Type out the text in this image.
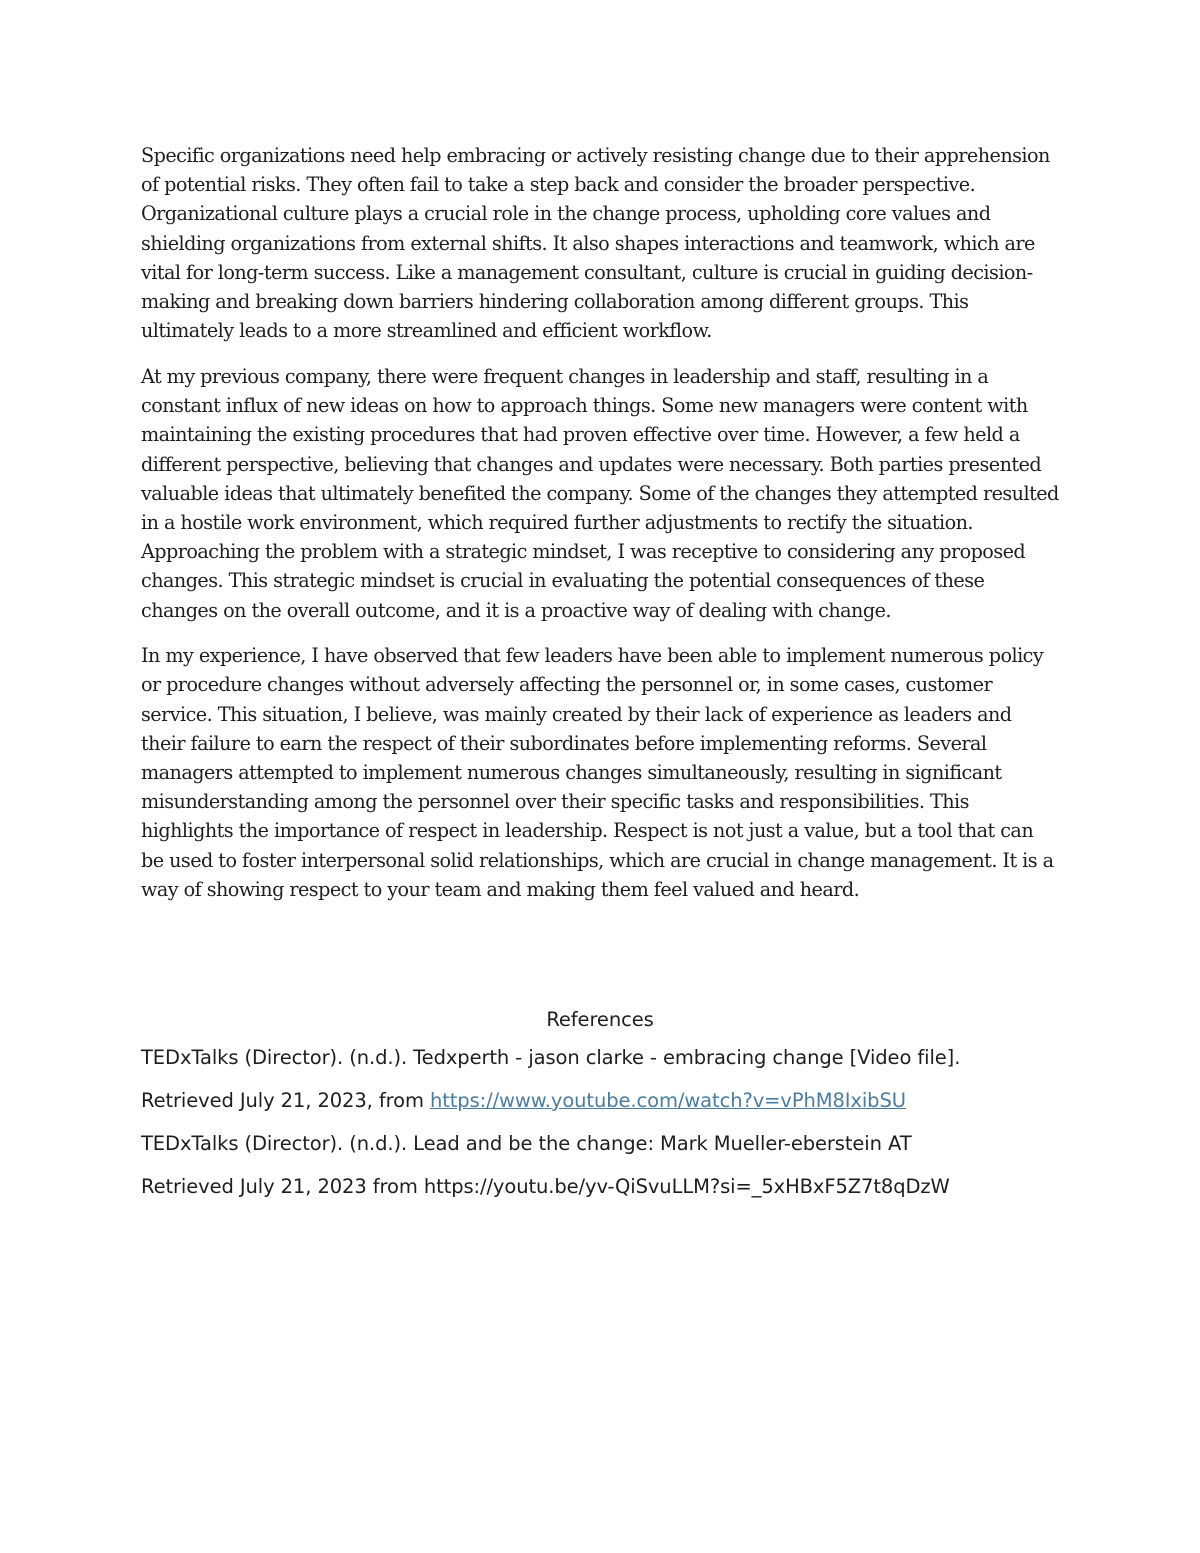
Specific organizations need help embracing or actively resisting change due to their apprehension of potential risks. They often fail to take a step back and consider the broader perspective. Organizational culture plays a crucial role in the change process, upholding core values and shielding organizations from external shifts. It also shapes interactions and teamwork, which are vital for long-term success. Like a management consultant, culture is crucial in guiding decision-making and breaking down barriers hindering collaboration among different groups. This ultimately leads to a more streamlined and efficient workflow.

At my previous company, there were frequent changes in leadership and staff, resulting in a constant influx of new ideas on how to approach things. Some new managers were content with maintaining the existing procedures that had proven effective over time. However, a few held a different perspective, believing that changes and updates were necessary. Both parties presented valuable ideas that ultimately benefited the company. Some of the changes they attempted resulted in a hostile work environment, which required further adjustments to rectify the situation. Approaching the problem with a strategic mindset, I was receptive to considering any proposed changes. This strategic mindset is crucial in evaluating the potential consequences of these changes on the overall outcome, and it is a proactive way of dealing with change.

In my experience, I have observed that few leaders have been able to implement numerous policy or procedure changes without adversely affecting the personnel or, in some cases, customer service. This situation, I believe, was mainly created by their lack of experience as leaders and their failure to earn the respect of their subordinates before implementing reforms. Several managers attempted to implement numerous changes simultaneously, resulting in significant misunderstanding among the personnel over their specific tasks and responsibilities. This highlights the importance of respect in leadership. Respect is not just a value, but a tool that can be used to foster interpersonal solid relationships, which are crucial in change management. It is a way of showing respect to your team and making them feel valued and heard.

References

TEDxTalks (Director). (n.d.). Tedxperth - jason clarke - embracing change [Video file].

Retrieved July 21, 2023, from https://www.youtube.com/watch?v=vPhM8IxibSU

TEDxTalks (Director). (n.d.). Lead and be the change: Mark Mueller-eberstein AT

Retrieved July 21, 2023 from https://youtu.be/yv-QiSvuLLM?si=_5xHBxF5Z7t8qDzW
